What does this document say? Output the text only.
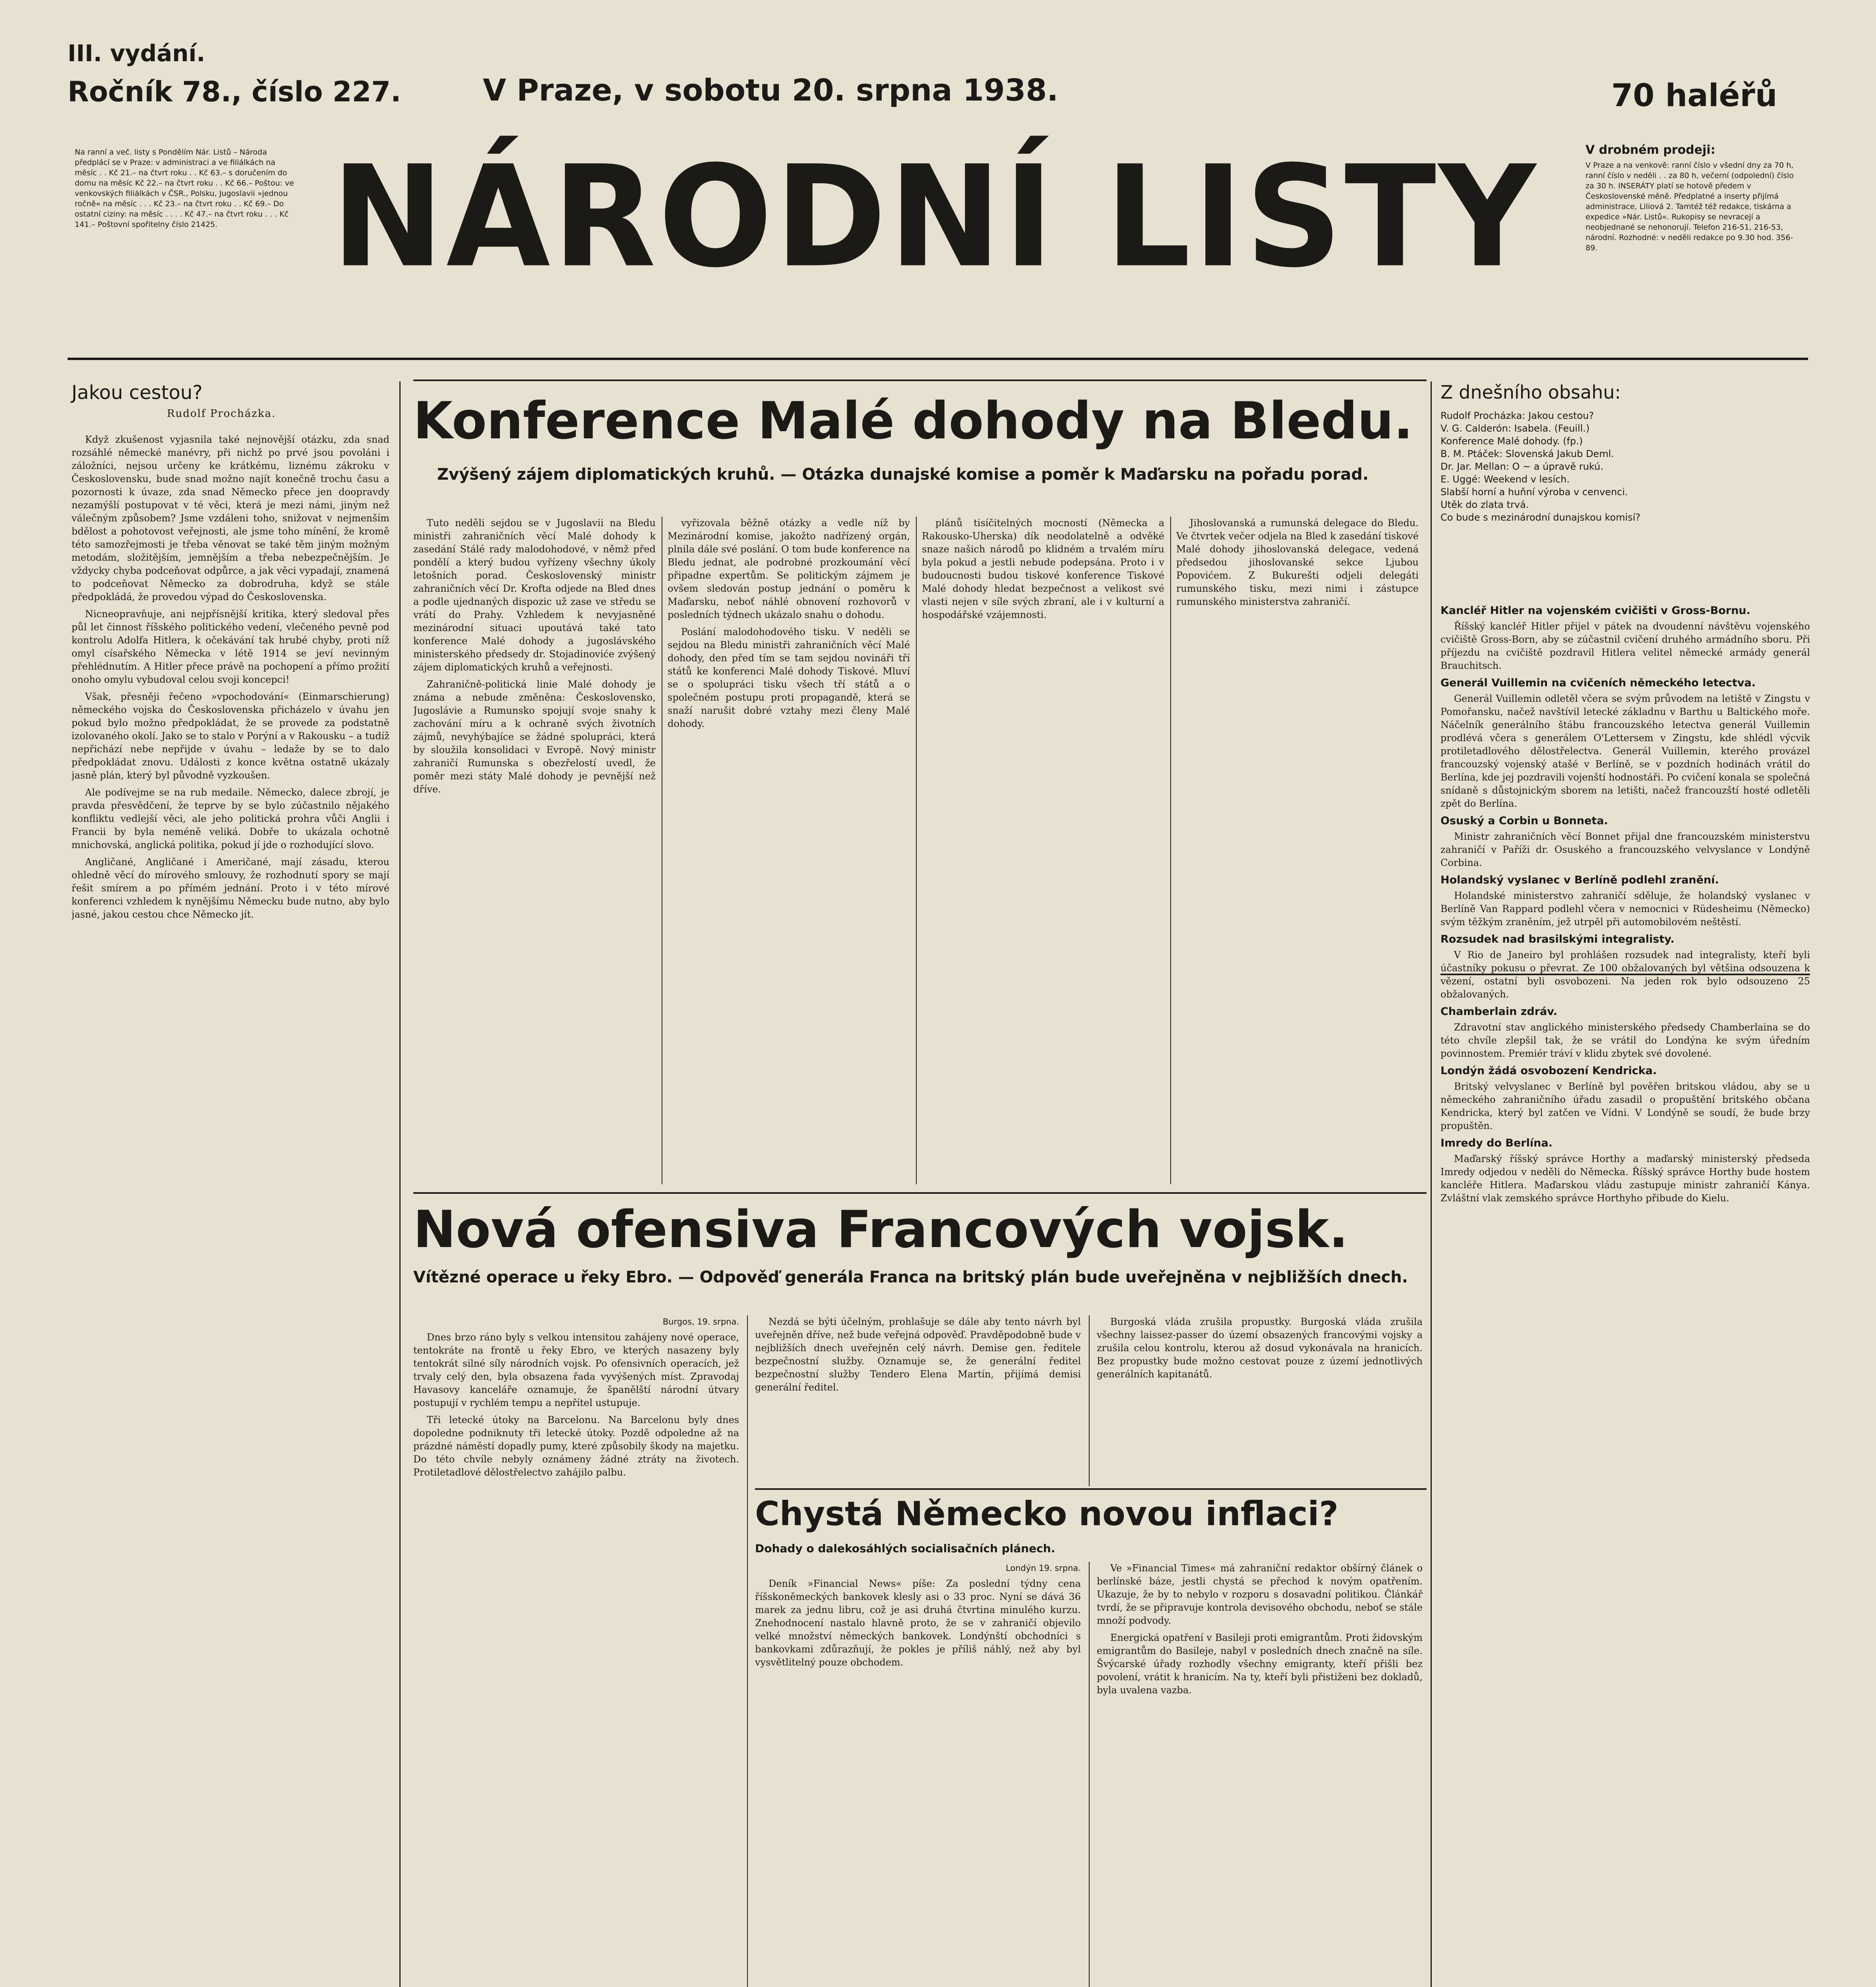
III. vydání.
Ročník 78., číslo 227.	V Praze, v sobotu 20. srpna 1938.	70 haléřů
Na ranní a več. listy s Pondělím Nár. Listů – Národa předplácí se v Praze: v administraci a ve filiálkách na měsíc . . Kč 21.– na čtvrt roku . . Kč 63.– s doručením do domu na měsíc Kč 22.– na čtvrt roku . . Kč 66.– Poštou: ve venkovských filiálkách v ČSR., Polsku, Jugoslavii »jednou ročně« na měsíc . . . Kč 23.– na čtvrt roku . . Kč 69.– Do ostatní ciziny: na měsíc . . . . Kč 47.– na čtvrt roku . . . Kč 141.– Poštovní spořitelny číslo 21425. NÁRODNÍ LISTY	V drobném prodeji:
V Praze a na venkově: ranní číslo v všední dny za 70 h, ranní číslo v neděli . . za 80 h, večerní (odpolední) číslo za 30 h. INSERÁTY platí se hotově předem v Československé měně. Předplatné a inserty přijímá administrace, Liliová 2. Tamtéž též redakce, tiskárna a expedice »Nár. Listů«. Rukopisy se nevracejí a neobjednané se nehonorují. Telefon 216-51, 216-53, národní. Rozhodné: v neděli redakce po 9.30 hod. 356-89.
Jakou cestou?
Rudolf Procházka.

Když zkušenost vyjasnila také nejnovější otázku, zda snad rozsáhlé německé manévry, při nichž po prvé jsou povoláni i záložníci, nejsou určeny ke krátkému, liznému zákroku v Československu, bude snad možno najít konečně trochu času a pozornosti k úvaze, zda snad Německo přece jen doopravdy nezamýšlí postupovat v té věci, která je mezi námi, jiným než válečným způsobem? Jsme vzdáleni toho, snižovat v nejmenším bdělost a pohotovost veřejnosti, ale jsme toho mínění, že kromě této samozřejmosti je třeba věnovat se také těm jiným možným metodám, složitějším, jemnějším a třeba nebezpečnějším. Je vždycky chyba podceňovat odpůrce, a jak věci vypadají, znamená to podceňovat Německo za dobrodruha, když se stále předpokládá, že provedou výpad do Československa.

Nicneopravňuje, ani nejpřísnější kritika, který sledoval přes půl let činnost říšského politického vedení, vlečeného pevně pod kontrolu Adolfa Hitlera, k očekávání tak hrubé chyby, proti níž omyl císařského Německa v létě 1914 se jeví nevinným přehlédnutím. A Hitler přece právě na pochopení a přímo prožití onoho omylu vybudoval celou svoji koncepci!

Však, přesněji řečeno »vpochodování« (Einmarschierung) německého vojska do Československa přicházelo v úvahu jen pokud bylo možno předpokládat, že se provede za podstatně izolovaného okolí. Jako se to stalo v Porýní a v Rakousku – a tudíž nepřichází nebe nepřijde v úvahu – ledaže by se to dalo předpokládat znovu. Události z konce května ostatně ukázaly jasně plán, který byl původně vyzkoušen.

Ale podívejme se na rub medaile. Německo, dalece zbrojí, je pravda přesvědčení, že teprve by se bylo zúčastnilo nějakého konfliktu vedlejší věci, ale jeho politická prohra vůči Anglii i Francii by byla neméně veliká. Dobře to ukázala ochotně mnichovská, anglická politika, pokud jí jde o rozhodující slovo.

Angličané, Angličané i Američané, mají zásadu, kterou ohledně věcí do mírového smlouvy, že rozhodnutí spory se mají řešit smírem a po přímém jednání. Proto i v této mírové konferenci vzhledem k nynějšímu Německu bude nutno, aby bylo jasné, jakou cestou chce Německo jít.

Konference Malé dohody na Bledu.
Zvýšený zájem diplomatických kruhů. — Otázka dunajské komise a poměr k Maďarsku na pořadu porad.

Tuto neděli sejdou se v Jugoslavii na Bledu ministři zahraničních věcí Malé dohody k zasedání Stálé rady malodohodové, v němž před pondělí a který budou vyřízeny všechny úkoly letošních porad. Československý ministr zahraničních věcí Dr. Krofta odjede na Bled dnes a podle ujednaných dispozic už zase ve středu se vrátí do Prahy. Vzhledem k nevyjasněné mezinárodní situaci upoutává také tato konference Malé dohody a jugoslávského ministerského předsedy dr. Stojadinoviće zvýšený zájem diplomatických kruhů a veřejnosti.

Zahraničně-politická linie Malé dohody je známa a nebude změněna: Československo, Jugoslávie a Rumunsko spojují svoje snahy k zachování míru a k ochraně svých životních zájmů, nevyhýbajíce se žádné spolupráci, která by sloužila konsolidaci v Evropě. Nový ministr zahraničí Rumunska s obezřelostí uvedl, že poměr mezi státy Malé dohody je pevnější než dříve.

vyřizovala běžně otázky a vedle níž by Mezinárodní komise, jakožto nadřízený orgán, plnila dále své poslání. O tom bude konference na Bledu jednat, ale podrobné prozkoumání věcí připadne expertům. Se politickým zájmem je ovšem sledován postup jednání o poměru k Maďarsku, neboť náhlé obnovení rozhovorů v posledních týdnech ukázalo snahu o dohodu.

Poslání malodohodového tisku. V neděli se sejdou na Bledu ministři zahraničních věcí Malé dohody, den před tím se tam sejdou novináři tří států ke konferenci Malé dohody Tiskové. Mluví se o spolupráci tisku všech tří států a o společném postupu proti propagandě, která se snaží narušit dobré vztahy mezi členy Malé dohody.

plánů tisíčitelných mocností (Německa a Rakousko-Uherska) dík neodolatelně a odvěké snaze našich národů po klidném a trvalém míru byla pokud a jestli nebude podepsána. Proto i v budoucnosti budou tiskové konference Tiskové Malé dohody hledat bezpečnost a velikost své vlasti nejen v síle svých zbraní, ale i v kulturní a hospodářské vzájemnosti.

Jihoslovanská a rumunská delegace do Bledu. Ve čtvrtek večer odjela na Bled k zasedání tiskové Malé dohody jihoslovanská delegace, vedená předsedou jihoslovanské sekce Ljubou Popovićem. Z Bukurešti odjeli delegáti rumunského tisku, mezi nimi i zástupce rumunského ministerstva zahraničí.

Z dnešního obsahu:
Rudolf Procházka: Jakou cestou?
V. G. Calderón: Isabela. (Feuill.)
Konference Malé dohody. (fp.)
B. M. Ptáček: Slovenská Jakub Deml.
Dr. Jar. Mellan: O ~ a úpravě rukú.
E. Uggé: Weekend v lesích.
Slabší horní a huňní výroba v cenvenci.
Utěk do zlata trvá.
Co bude s mezinárodní dunajskou komisí?
Kancléř Hitler na vojenském cvičišti v Gross-Bornu.

Říšský kancléř Hitler přijel v pátek na dvoudenní návštěvu vojenského cvičiště Gross-Born, aby se zúčastnil cvičení druhého armádního sboru. Při příjezdu na cvičiště pozdravil Hitlera velitel německé armády generál Brauchitsch.

Generál Vuillemin na cvičeních německého letectva.

Generál Vuillemin odletěl včera se svým průvodem na letiště v Zingstu v Pomořansku, načež navštívil letecké základnu v Barthu u Baltického moře. Náčelník generálního štábu francouzského letectva generál Vuillemin prodlévá včera s generálem O'Lettersem v Zingstu, kde shlédl výcvik protiletadlového dělostřelectva. Generál Vuillemin, kterého provázel francouzský vojenský atašé v Berlíně, se v pozdních hodinách vrátil do Berlína, kde jej pozdravili vojenští hodnostáři. Po cvičení konala se společná snídaně s důstojnickým sborem na letišti, načež francouzští hosté odletěli zpět do Berlína.

Osuský a Corbin u Bonneta.

Ministr zahraničních věcí Bonnet přijal dne francouzském ministerstvu zahraničí v Paříži dr. Osuského a francouzského velvyslance v Londýně Corbina.

Holandský vyslanec v Berlíně podlehl zranění.

Holandské ministerstvo zahraničí sděluje, že holandský vyslanec v Berlíně Van Rappard podlehl včera v nemocnici v Rüdesheimu (Německo) svým těžkým zraněním, jež utrpěl při automobilovém neštěstí.

Rozsudek nad brasilskými integralisty.

V Rio de Janeiro byl prohlášen rozsudek nad integralisty, kteří byli účastníky pokusu o převrat. Ze 100 obžalovaných byl většina odsouzena k vězení, ostatní byli osvobozeni. Na jeden rok bylo odsouzeno 25 obžalovaných.

Chamberlain zdráv.

Zdravotní stav anglického ministerského předsedy Chamberlaina se do této chvíle zlepšil tak, že se vrátil do Londýna ke svým úředním povinnostem. Premiér tráví v klidu zbytek své dovolené.

Londýn žádá osvobození Kendricka.

Britský velvyslanec v Berlíně byl pověřen britskou vládou, aby se u německého zahraničního úřadu zasadil o propuštění britského občana Kendricka, který byl zatčen ve Vídni. V Londýně se soudí, že bude brzy propuštěn.

Imredy do Berlína.

Maďarský říšský správce Horthy a maďarský ministerský předseda Imredy odjedou v neděli do Německa. Říšský správce Horthy bude hostem kancléře Hitlera. Maďarskou vládu zastupuje ministr zahraničí Kánya. Zvláštní vlak zemského správce Horthyho přibude do Kielu.

Nová ofensiva Francových vojsk.
Vítězné operace u řeky Ebro. — Odpověď generála Franca na britský plán bude uveřejněna v nejbližších dnech.
Burgos, 19. srpna.

Dnes brzo ráno byly s velkou intensitou zahájeny nové operace, tentokráte na frontě u řeky Ebro, ve kterých nasazeny byly tentokrát silné síly národních vojsk. Po ofensivních operacích, jež trvaly celý den, byla obsazena řada vyvýšených míst. Zpravodaj Havasovy kanceláře oznamuje, že španělští národní útvary postupují v rychlém tempu a nepřítel ustupuje.

Tři letecké útoky na Barcelonu. Na Barcelonu byly dnes dopoledne podniknuty tři letecké útoky. Pozdě odpoledne až na prázdné náměstí dopadly pumy, které způsobily škody na majetku. Do této chvíle nebyly oznámeny žádné ztráty na životech. Protiletadlové dělostřelectvo zahájilo palbu.

Nezdá se býti účelným, prohlašuje se dále aby tento návrh byl uveřejněn dříve, než bude veřejná odpověď. Pravděpodobně bude v nejbližších dnech uveřejněn celý návrh. Demise gen. ředitele bezpečnostní služby. Oznamuje se, že generální ředitel bezpečnostní služby Tendero Elena Martín, přijímá demisi generální ředitel.

Burgoská vláda zrušila propustky. Burgoská vláda zrušila všechny laissez-passer do území obsazených francovými vojsky a zrušila celou kontrolu, kterou až dosud vykonávala na hranicích. Bez propustky bude možno cestovat pouze z území jednotlivých generálních kapitanátů.

Chystá Německo novou inflaci?
Dohady o dalekosáhlých socialisačních plánech.
Londýn 19. srpna.

Deník »Financial News« píše: Za poslední týdny cena říšskoněmeckých bankovek klesly asi o 33 proc. Nyní se dává 36 marek za jednu libru, což je asi druhá čtvrtina minulého kurzu. Znehodnocení nastalo hlavně proto, že se v zahraničí objevilo velké množství německých bankovek. Londýnští obchodníci s bankovkami zdůrazňují, že pokles je příliš náhlý, než aby byl vysvětlitelný pouze obchodem.

Ve »Financial Times« má zahraniční redaktor obšírný článek o berlínské báze, jestli chystá se přechod k novým opatřením. Ukazuje, že by to nebylo v rozporu s dosavadní politikou. Článkář tvrdí, že se připravuje kontrola devisového obchodu, neboť se stále množí podvody.

Energická opatření v Basileji proti emigrantům. Proti židovským emigrantům do Basileje, nabyl v posledních dnech značně na síle. Švýcarské úřady rozhodly všechny emigranty, kteří přišli bez povolení, vrátit k hranicím. Na ty, kteří byli přistiženi bez dokladů, byla uvalena vazba.
